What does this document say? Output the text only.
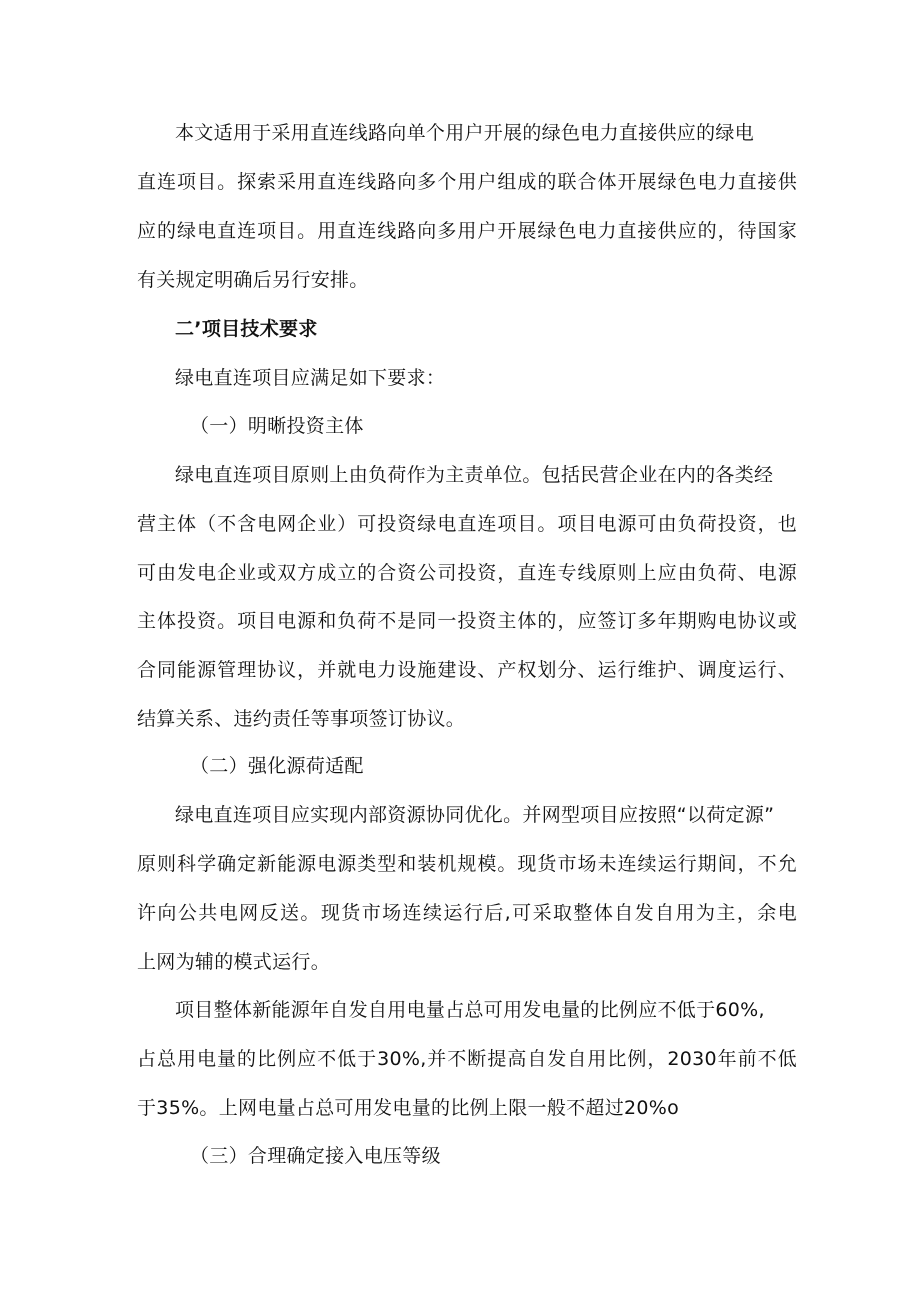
本文适用于采用直连线路向单个用户开展的绿色电力直接供应的绿电
直连项目。探索采用直连线路向多个用户组成的联合体开展绿色电力直接供
应的绿电直连项目。用直连线路向多用户开展绿色电力直接供应的，待国家
有关规定明确后另行安排。
二’项目技术要求
绿电直连项目应满足如下要求：
（一）明晰投资主体
绿电直连项目原则上由负荷作为主责单位。包括民营企业在内的各类经
营主体（不含电网企业）可投资绿电直连项目。项目电源可由负荷投资，也
可由发电企业或双方成立的合资公司投资，直连专线原则上应由负荷、电源
主体投资。项目电源和负荷不是同一投资主体的，应签订多年期购电协议或
合同能源管理协议，并就电力设施建设、产权划分、运行维护、调度运行、
结算关系、违约责任等事项签订协议。
（二）强化源荷适配
绿电直连项目应实现内部资源协同优化。并网型项目应按照“以荷定源”
原则科学确定新能源电源类型和装机规模。现货市场未连续运行期间，不允
许向公共电网反送。现货市场连续运行后,可采取整体自发自用为主，余电
上网为辅的模式运行。
项目整体新能源年自发自用电量占总可用发电量的比例应不低于60%,
占总用电量的比例应不低于30%,并不断提高自发自用比例，2030年前不低
于35%。上网电量占总可用发电量的比例上限一般不超过20%o
（三）合理确定接入电压等级
